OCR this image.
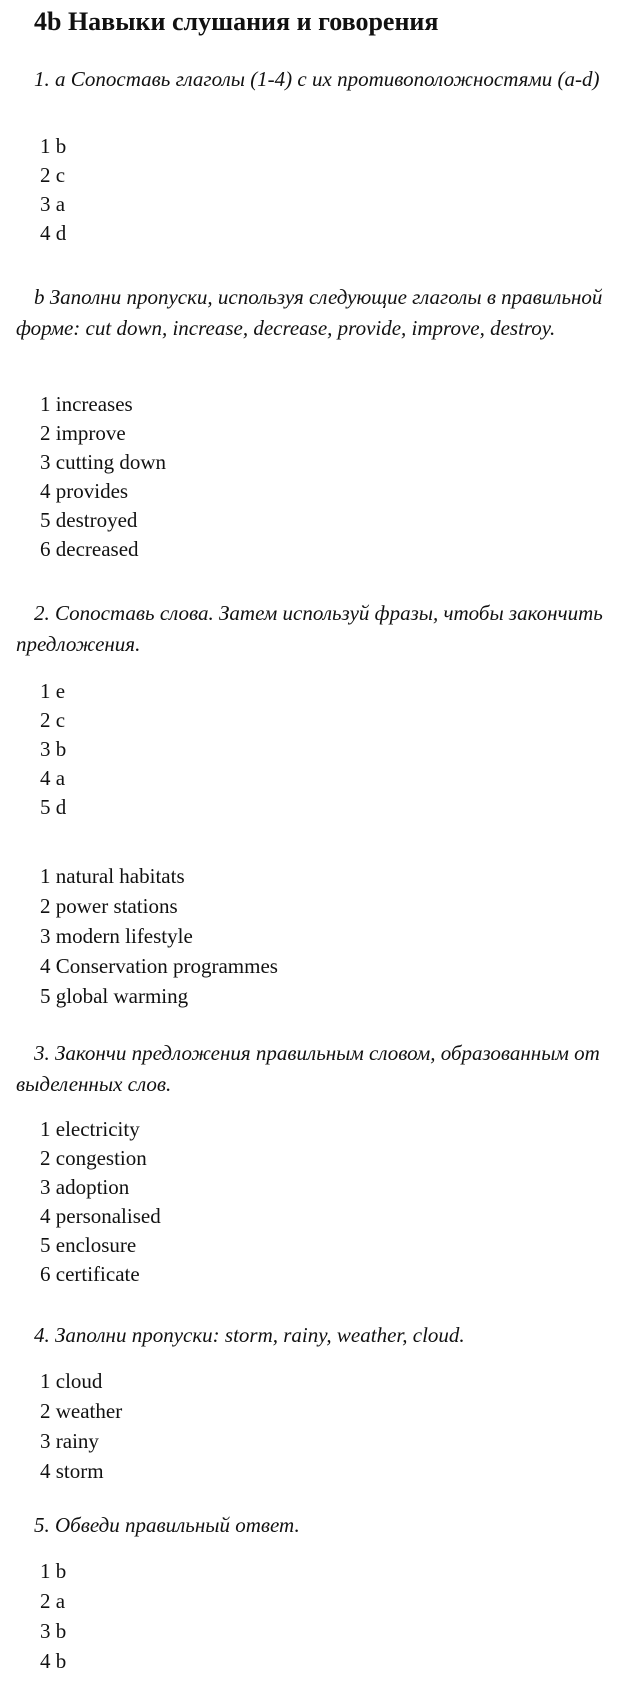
4b Навыки слушания и говорения

1. a Сопоставь глаголы (1-4) с их противоположностями (a-d)

1 b
2 c
3 a
4 d

b Заполни пропуски, используя следующие глаголы в правильной форме: cut down, increase, decrease, provide, improve, destroy.

1 increases
2 improve
3 cutting down
4 provides
5 destroyed
6 decreased

2. Сопоставь слова. Затем используй фразы, чтобы закончить предложения.

1 e
2 c
3 b
4 a
5 d
1 natural habitats
2 power stations
3 modern lifestyle
4 Conservation programmes
5 global warming

3. Закончи предложения правильным словом, образованным от выделенных слов.

1 electricity
2 congestion
3 adoption
4 personalised
5 enclosure
6 certificate

4. Заполни пропуски: storm, rainy, weather, cloud.

1 cloud
2 weather
3 rainy
4 storm

5. Обведи правильный ответ.

1 b
2 a
3 b
4 b
